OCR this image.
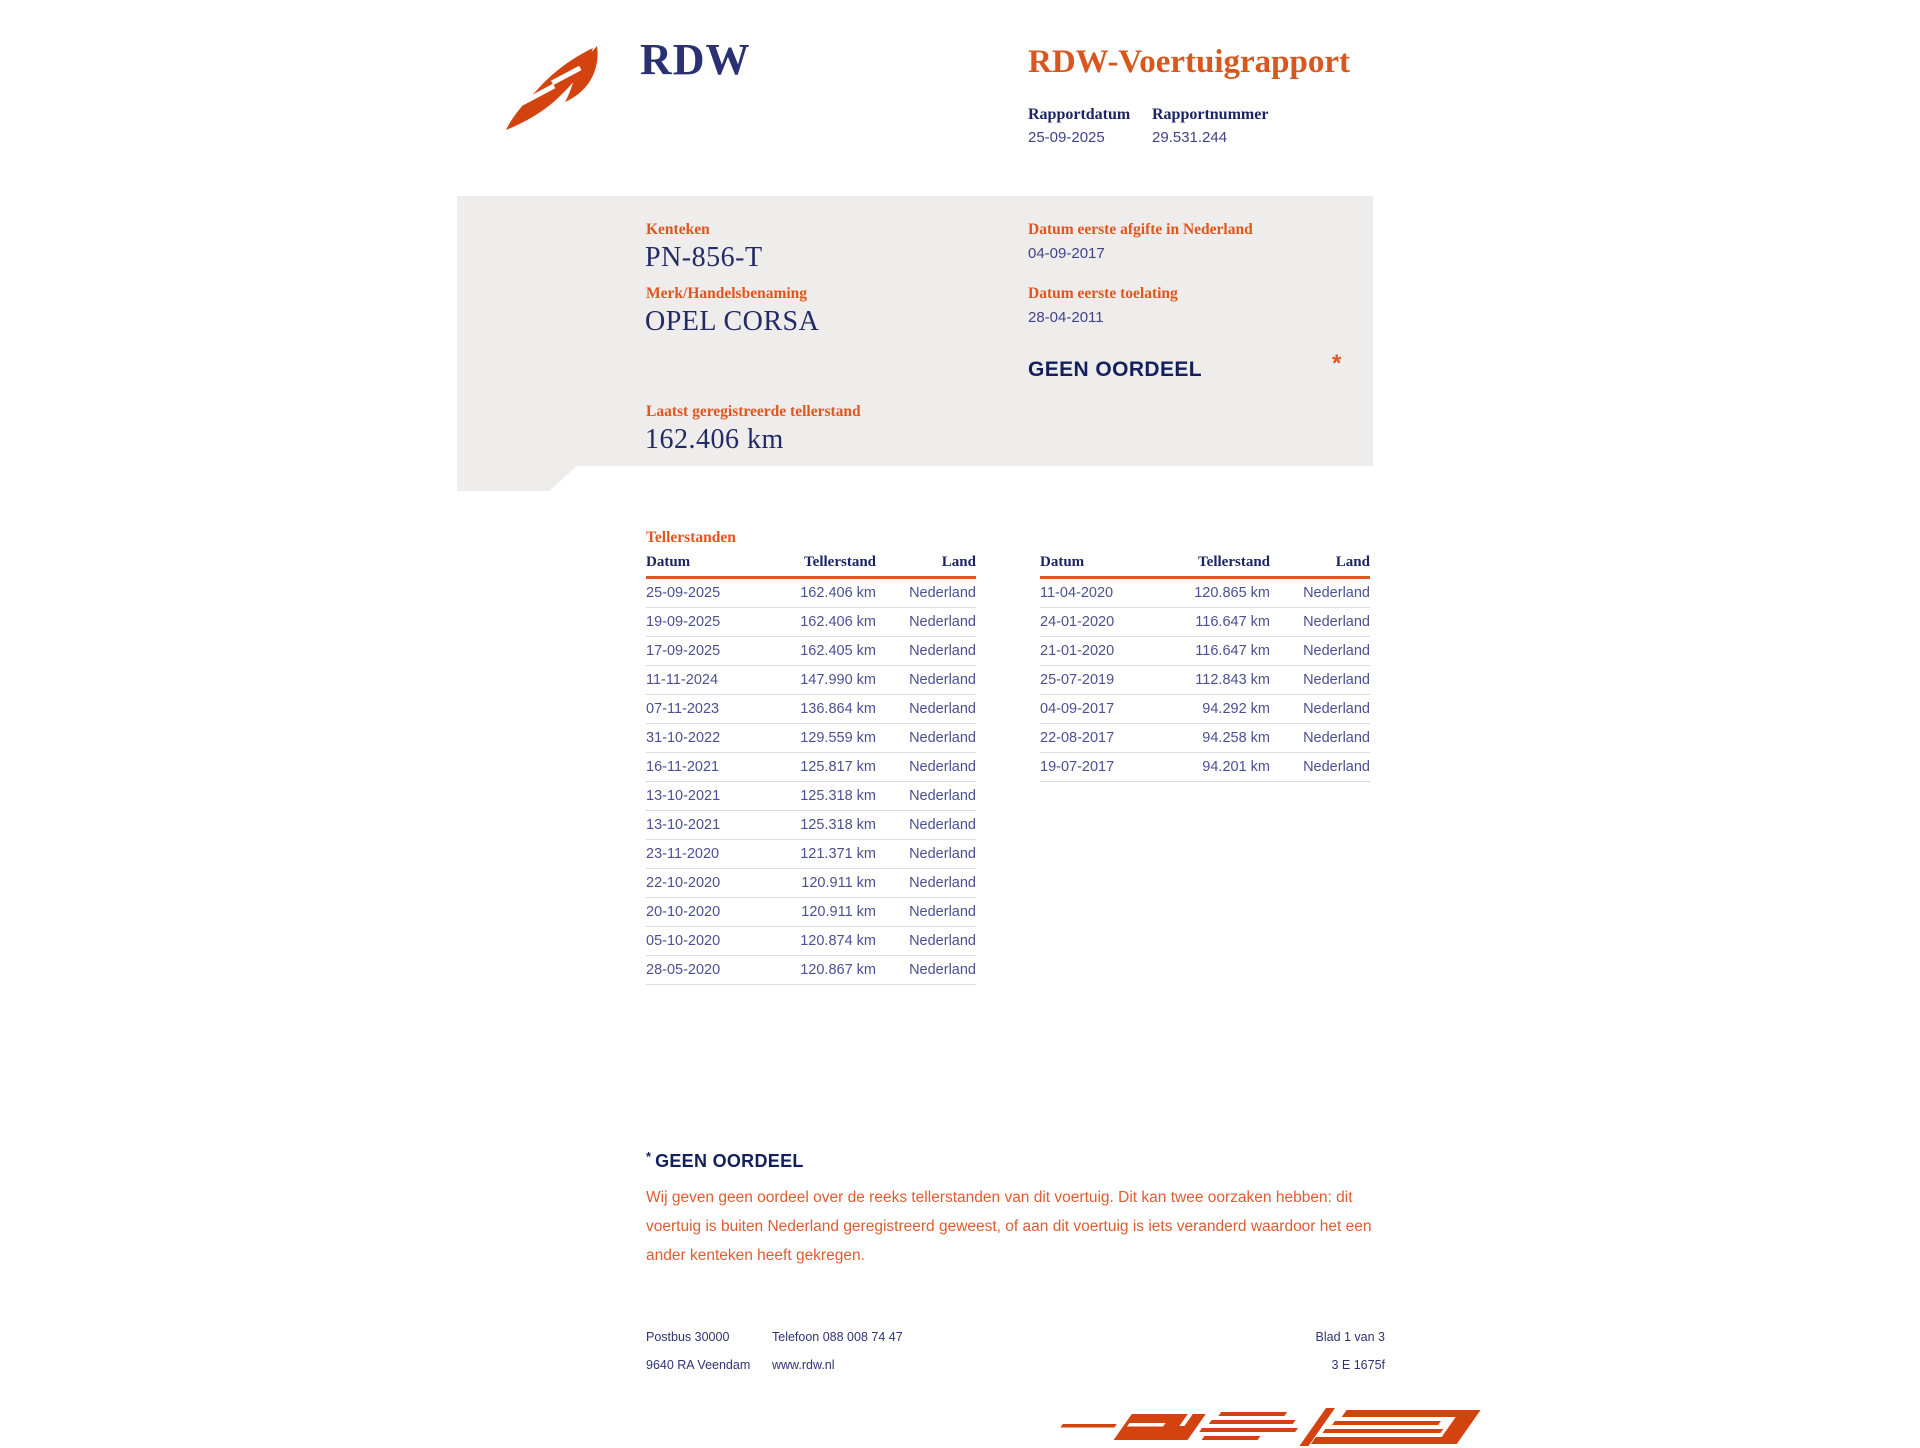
RDW	RDW-Voertuigrapport
Rapportdatum Rapportnummer
25-09-2025	29.531.244
Kenteken
PN-856-T
Merk/Handelsbenaming
OPEL CORSA
Datum eerste afgifte in Nederland
04-09-2017
Datum eerste toelating
28-04-2011
GEEN OORDEEL	*
Laatst geregistreerde tellerstand
162.406 km
Tellerstanden
Datum	Tellerstand	Land
25-09-2025	162.406 km	Nederland
19-09-2025	162.406 km	Nederland
17-09-2025	162.405 km	Nederland
11-11-2024	147.990 km	Nederland
07-11-2023	136.864 km	Nederland
31-10-2022	129.559 km	Nederland
16-11-2021	125.817 km	Nederland
13-10-2021	125.318 km	Nederland
13-10-2021	125.318 km	Nederland
23-11-2020	121.371 km	Nederland
22-10-2020	120.911 km	Nederland
20-10-2020	120.911 km	Nederland
05-10-2020	120.874 km	Nederland
28-05-2020	120.867 km	Nederland
Datum	Tellerstand	Land
11-04-2020	120.865 km	Nederland
24-01-2020	116.647 km	Nederland
21-01-2020	116.647 km	Nederland
25-07-2019	112.843 km	Nederland
04-09-2017	94.292 km	Nederland
22-08-2017	94.258 km	Nederland
19-07-2017	94.201 km	Nederland
* GEEN OORDEEL
Wij geven geen oordeel over de reeks tellerstanden van dit voertuig. Dit kan twee oorzaken hebben: dit voertuig is buiten Nederland geregistreerd geweest, of aan dit voertuig is iets veranderd waardoor het een ander kenteken heeft gekregen.
Postbus 30000
9640 RA Veendam
Telefoon 088 008 74 47
www.rdw.nl
Blad 1 van 3
3 E 1675f
